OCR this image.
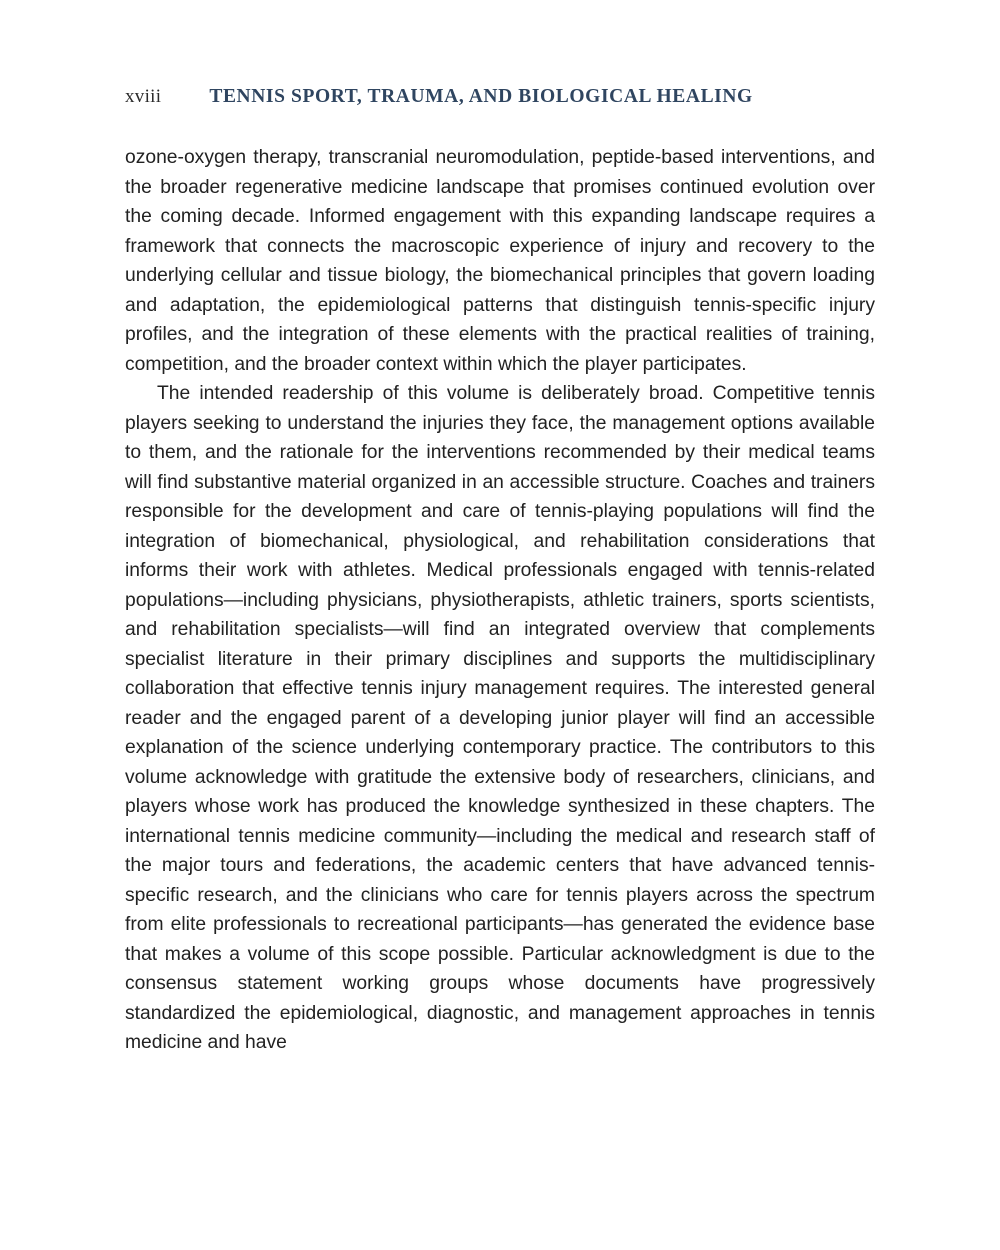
xviii TENNIS SPORT, TRAUMA, AND BIOLOGICAL HEALING

ozone-oxygen therapy, transcranial neuromodulation, peptide-based interventions, and the broader regenerative medicine landscape that promises continued evolution over the coming decade. Informed engagement with this expanding landscape requires a framework that connects the macroscopic experience of injury and recovery to the underlying cellular and tissue biology, the biomechanical principles that govern loading and adaptation, the epidemiological patterns that distinguish tennis-specific injury profiles, and the integration of these elements with the practical realities of training, competition, and the broader context within which the player participates.

The intended readership of this volume is deliberately broad. Competitive tennis players seeking to understand the injuries they face, the management options available to them, and the rationale for the interventions recommended by their medical teams will find substantive material organized in an accessible structure. Coaches and trainers responsible for the development and care of tennis-playing populations will find the integration of biomechanical, physiological, and rehabilitation considerations that informs their work with athletes. Medical professionals engaged with tennis-related populations—including physicians, physiotherapists, athletic trainers, sports scientists, and rehabilitation specialists—will find an integrated overview that complements specialist literature in their primary disciplines and supports the multidisciplinary collaboration that effective tennis injury management requires. The interested general reader and the engaged parent of a developing junior player will find an accessible explanation of the science underlying contemporary practice. The contributors to this volume acknowledge with gratitude the extensive body of researchers, clinicians, and players whose work has produced the knowledge synthesized in these chapters. The international tennis medicine community—including the medical and research staff of the major tours and federations, the academic centers that have advanced tennis-specific research, and the clinicians who care for tennis players across the spectrum from elite professionals to recreational participants—has generated the evidence base that makes a volume of this scope possible. Particular acknowledgment is due to the consensus statement working groups whose documents have progressively standardized the epidemiological, diagnostic, and management approaches in tennis medicine and have
